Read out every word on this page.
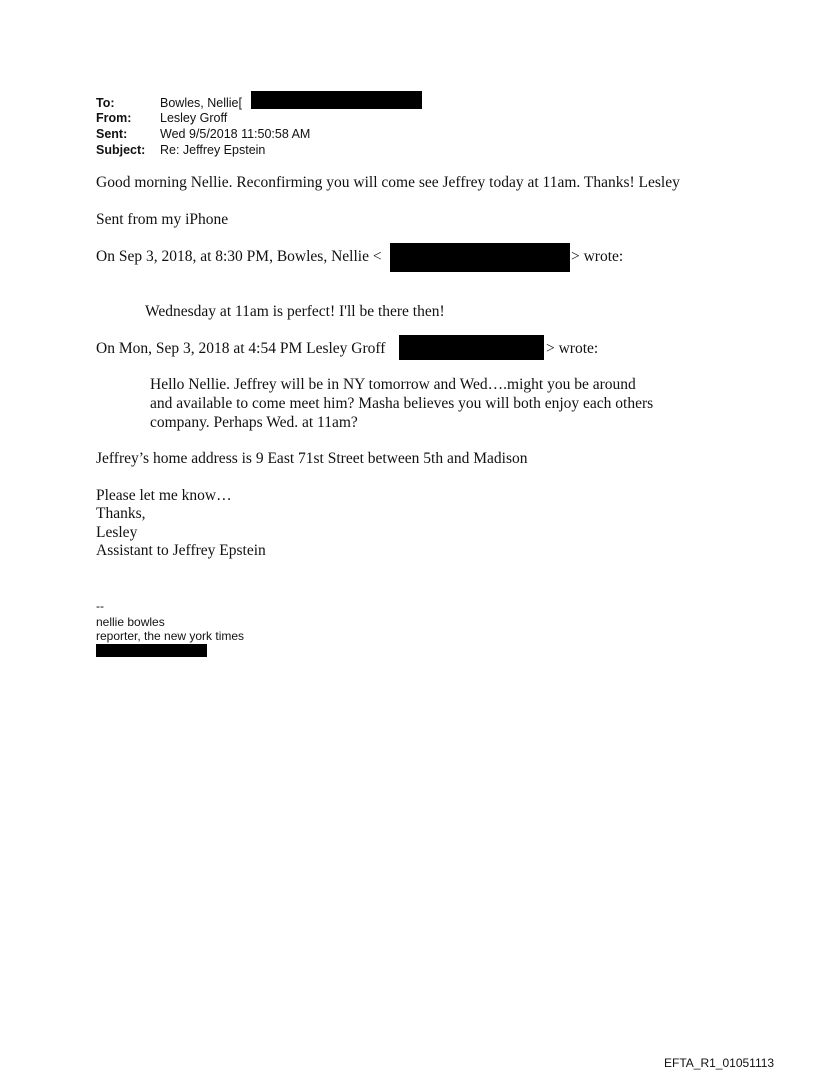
To:	Bowles, Nellie[
From: Lesley Groff
Sent:	Wed 9/5/2018 11:50:58 AM
Subject: Re: Jeffrey Epstein
Good morning Nellie. Reconfirming you will come see Jeffrey today at 11am. Thanks! Lesley
Sent from my iPhone
On Sep 3, 2018, at 8:30 PM, Bowles, Nellie <	> wrote:
Wednesday at 11am is perfect! I'll be there then!
On Mon, Sep 3, 2018 at 4:54 PM Lesley Groff	> wrote:
Hello Nellie. Jeffrey will be in NY tomorrow and Wed….might you be around
and available to come meet him? Masha believes you will both enjoy each others
company. Perhaps Wed. at 11am?
Jeffrey’s home address is 9 East 71st Street between 5th and Madison
Please let me know…
Thanks,
Lesley
Assistant to Jeffrey Epstein
--
nellie bowles
reporter, the new york times
EFTA_R1_01051113
